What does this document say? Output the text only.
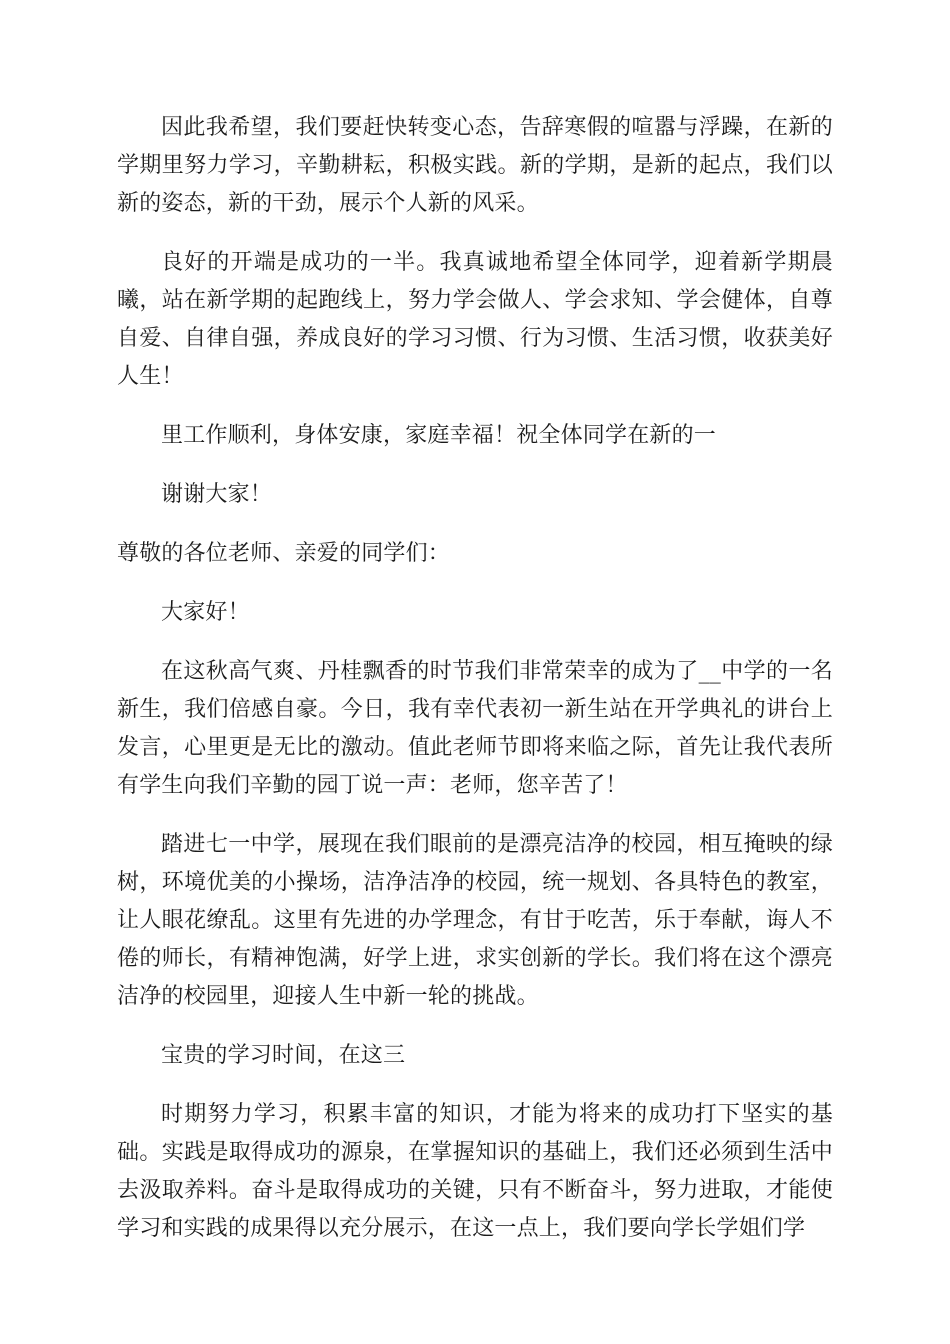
因此我希望，我们要赶快转变心态，告辞寒假的喧嚣与浮躁，在新的学期里努力学习，辛勤耕耘，积极实践。新的学期，是新的起点，我们以新的姿态，新的干劲，展示个人新的风采。

良好的开端是成功的一半。我真诚地希望全体同学，迎着新学期晨曦，站在新学期的起跑线上，努力学会做人、学会求知、学会健体，自尊自爱、自律自强，养成良好的学习习惯、行为习惯、生活习惯，收获美好人生！

里工作顺利，身体安康，家庭幸福！祝全体同学在新的一

谢谢大家！

尊敬的各位老师、亲爱的同学们：

大家好！

在这秋高气爽、丹桂飘香的时节我们非常荣幸的成为了__中学的一名新生，我们倍感自豪。今日，我有幸代表初一新生站在开学典礼的讲台上发言，心里更是无比的激动。值此老师节即将来临之际，首先让我代表所有学生向我们辛勤的园丁说一声：老师，您辛苦了！

踏进七一中学，展现在我们眼前的是漂亮洁净的校园，相互掩映的绿树，环境优美的小操场，洁净洁净的校园，统一规划、各具特色的教室，让人眼花缭乱。这里有先进的办学理念，有甘于吃苦，乐于奉献，诲人不倦的师长，有精神饱满，好学上进，求实创新的学长。我们将在这个漂亮洁净的校园里，迎接人生中新一轮的挑战。

宝贵的学习时间，在这三

时期努力学习，积累丰富的知识，才能为将来的成功打下坚实的基础。实践是取得成功的源泉，在掌握知识的基础上，我们还必须到生活中去汲取养料。奋斗是取得成功的关键，只有不断奋斗，努力进取，才能使学习和实践的成果得以充分展示，在这一点上，我们要向学长学姐们学
